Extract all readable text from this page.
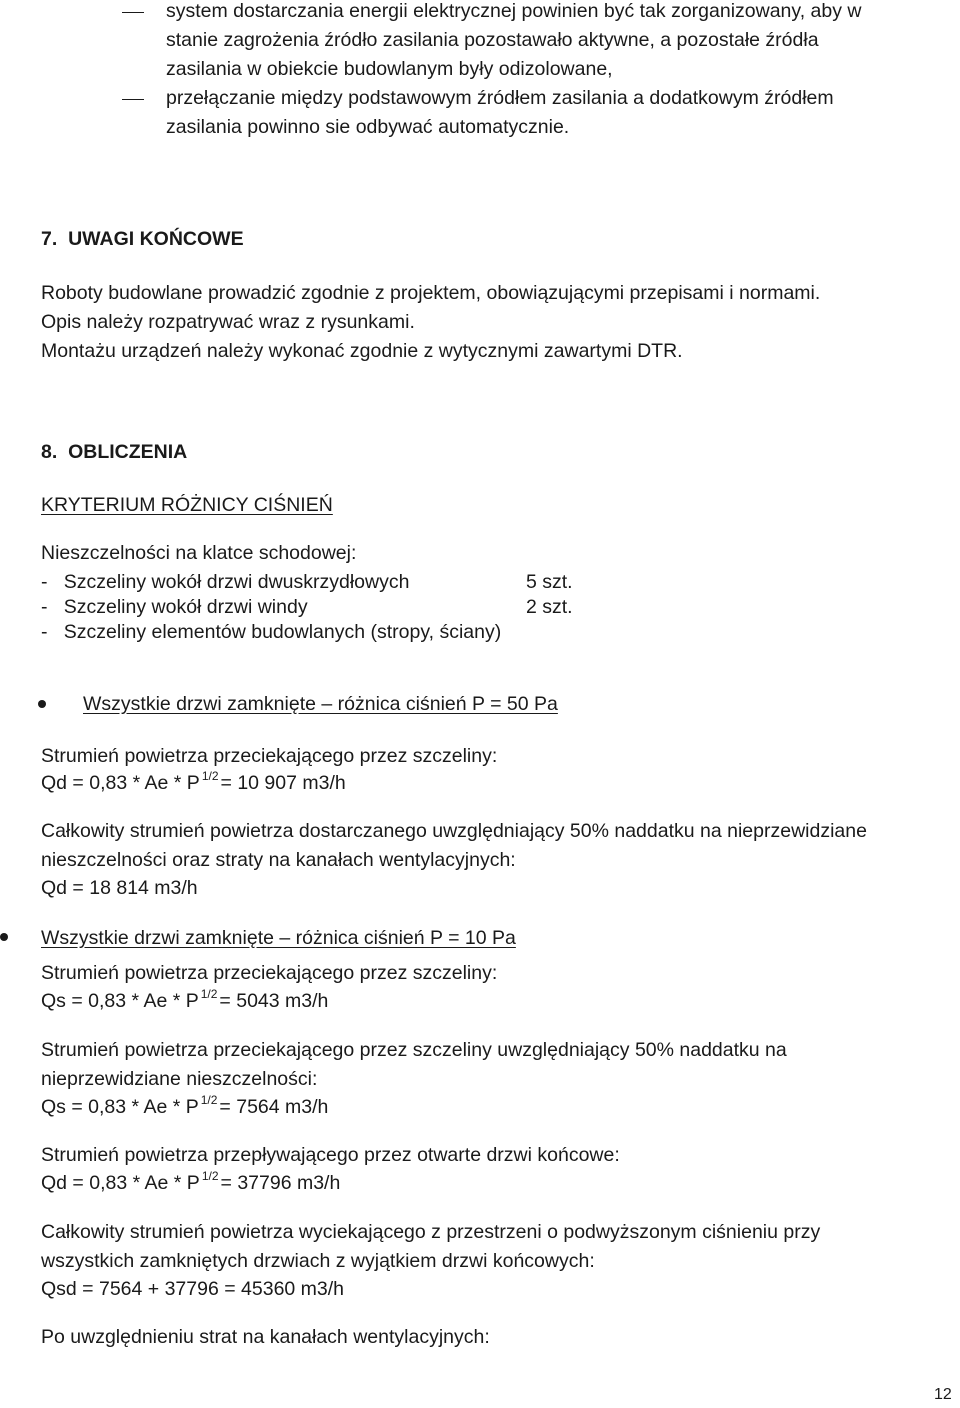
system dostarczania energii elektrycznej powinien być tak zorganizowany, aby w
stanie zagrożenia źródło zasilania pozostawało aktywne, a pozostałe źródła
zasilania w obiekcie budowlanym były odizolowane,
przełączanie między podstawowym źródłem zasilania a dodatkowym źródłem
zasilania powinno sie odbywać automatycznie.
7.  UWAGI KOŃCOWE
Roboty budowlane prowadzić zgodnie z projektem, obowiązującymi przepisami i normami.
Opis należy rozpatrywać wraz z rysunkami.
Montażu urządzeń należy wykonać zgodnie z wytycznymi zawartymi DTR.
8.  OBLICZENIA
KRYTERIUM RÓŻNICY CIŚNIEŃ
Nieszczelności na klatce schodowej:
-   Szczeliny wokół drzwi dwuskrzydłowych	5 szt.
-   Szczeliny wokół drzwi windy	2 szt.
-   Szczeliny elementów budowlanych (stropy, ściany)
Wszystkie drzwi zamknięte – różnica ciśnień P = 50 Pa
Strumień powietrza przeciekającego przez szczeliny:
Qd = 0,83 * Ae * P $^{1/2}$ = 10 907 m3/h
Całkowity strumień powietrza dostarczanego uwzględniający 50% naddatku na nieprzewidziane
nieszczelności oraz straty na kanałach wentylacyjnych:
Qd = 18 814 m3/h
Wszystkie drzwi zamknięte – różnica ciśnień P = 10 Pa
Strumień powietrza przeciekającego przez szczeliny:
Qs = 0,83 * Ae * P $^{1/2}$ = 5043 m3/h
Strumień powietrza przeciekającego przez szczeliny uwzględniający 50% naddatku na
nieprzewidziane nieszczelności:
Qs = 0,83 * Ae * P $^{1/2}$ = 7564 m3/h
Strumień powietrza przepływającego przez otwarte drzwi końcowe:
Qd = 0,83 * Ae * P $^{1/2}$ = 37796 m3/h
Całkowity strumień powietrza wyciekającego z przestrzeni o podwyższonym ciśnieniu przy
wszystkich zamkniętych drzwiach z wyjątkiem drzwi końcowych:
Qsd = 7564 + 37796 = 45360 m3/h
Po uwzględnieniu strat na kanałach wentylacyjnych:
12
